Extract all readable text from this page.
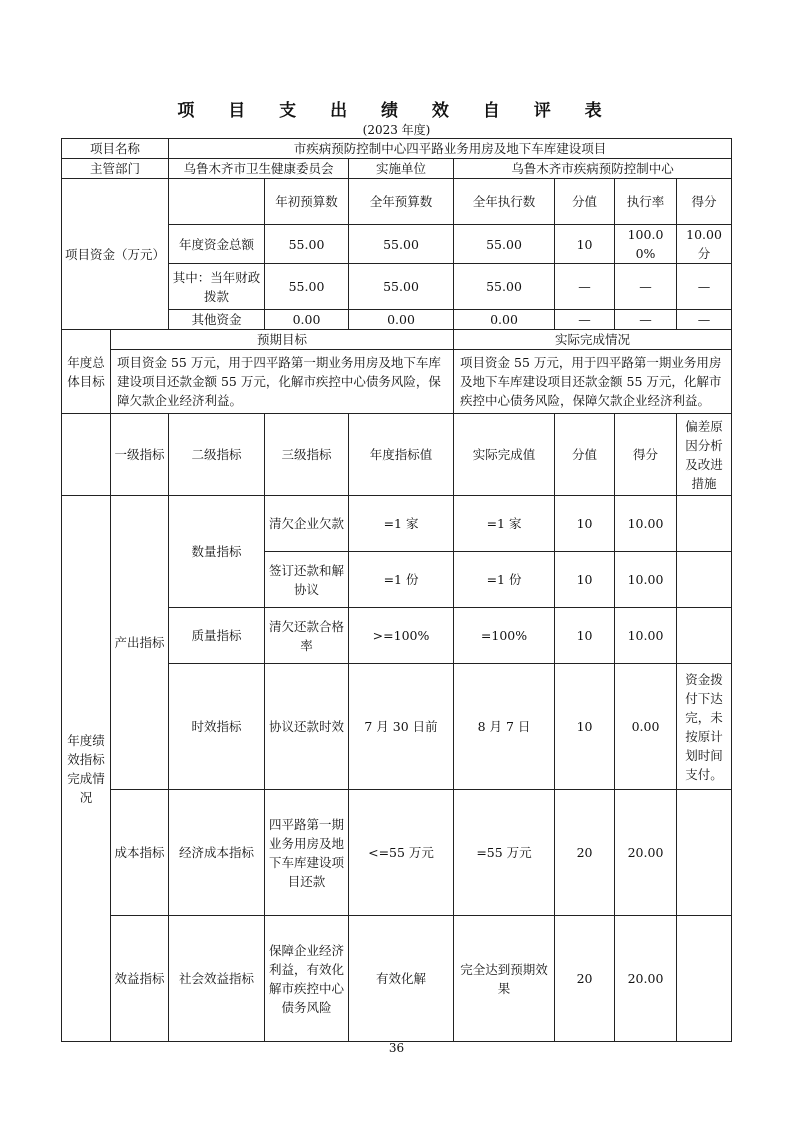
项 目 支 出 绩 效 自 评 表
(2023 年度)
项目名称		市疾病预防控制中心四平路业务用房及地下车库建设项目						
主管部门		乌鲁木齐市卫生健康委员会		实施单位	乌鲁木齐市疾病预防控制中心			
项目资金（万元）			年初预算数	全年预算数	全年执行数	分值	执行率	得分
		年度资金总额	55.00	55.00	55.00	10	100.00%	10.00 分
		其中：当年财政拨款	55.00	55.00	55.00	—	—	—
		其他资金	0.00	0.00	0.00	—	—	—
年度总体目标	预期目标				实际完成情况			
	项目资金 55 万元，用于四平路第一期业务用房及地下车库建设项目还款金额 55 万元，化解市疾控中心债务风险，保障欠款企业经济利益。				项目资金 55 万元，用于四平路第一期业务用房及地下车库建设项目还款金额 55 万元，化解市疾控中心债务风险，保障欠款企业经济利益。			
	一级指标	二级指标	三级指标	年度指标值	实际完成值	分值	得分	偏差原因分析及改进措施
年度绩效指标完成情况	产出指标	数量指标	清欠企业欠款	=1 家	=1 家	10	10.00	
			签订还款和解协议	=1 份	=1 份	10	10.00	
		质量指标	清欠还款合格率	>=100%	=100%	10	10.00	
		时效指标	协议还款时效	7 月 30 日前	8 月 7 日	10	0.00	资金拨付下达完，未按原计划时间支付。
	成本指标	经济成本指标	四平路第一期业务用房及地下车库建设项目还款	<=55 万元	=55 万元	20	20.00	
	效益指标	社会效益指标	保障企业经济利益，有效化解市疾控中心债务风险	有效化解	完全达到预期效果	20	20.00	
36
